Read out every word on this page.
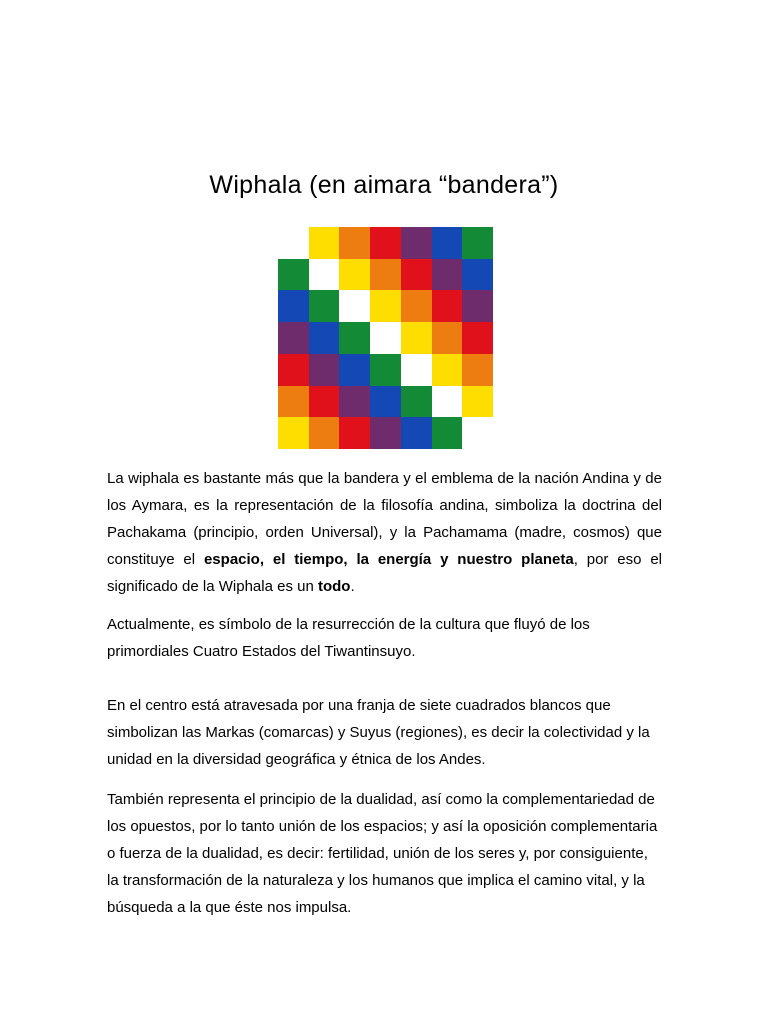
Wiphala (en aimara “bandera”)

La wiphala es bastante más que la bandera y el emblema de la nación Andina y de los Aymara, es la representación de la filosofía andina, simboliza la doctrina del Pachakama (principio, orden Universal), y la Pachamama (madre, cosmos) que constituye el espacio, el tiempo, la energía y nuestro planeta, por eso el significado de la Wiphala es un todo.

Actualmente, es símbolo de la resurrección de la cultura que fluyó de los primordiales Cuatro Estados del Tiwantinsuyo.

En el centro está atravesada por una franja de siete cuadrados blancos que simbolizan las Markas (comarcas) y Suyus (regiones), es decir la colectividad y la unidad en la diversidad geográfica y étnica de los Andes.

También representa el principio de la dualidad, así como la complementariedad de los opuestos, por lo tanto unión de los espacios; y así la oposición complementaria o fuerza de la dualidad, es decir: fertilidad, unión de los seres y, por consiguiente, la transformación de la naturaleza y los humanos que implica el camino vital, y la búsqueda a la que éste nos impulsa.
